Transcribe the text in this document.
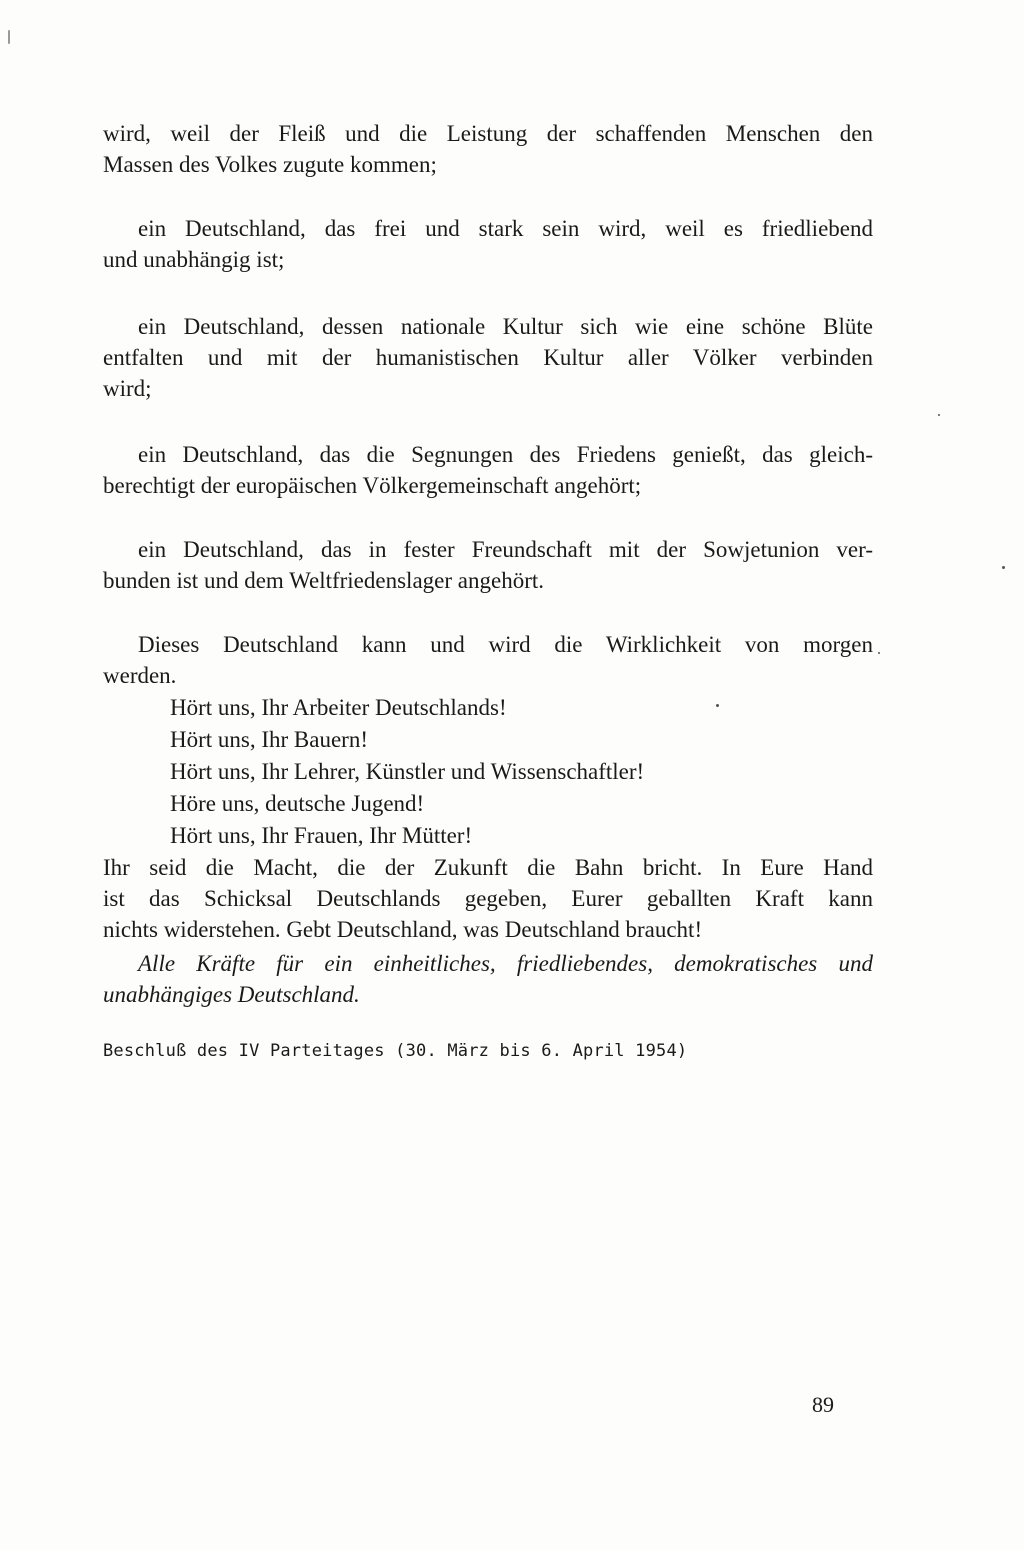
wird, weil der Fleiß und die Leistung der schaffenden Menschen den
Massen des Volkes zugute kommen;
ein Deutschland, das frei und stark sein wird, weil es friedliebend
und unabhängig ist;
ein Deutschland, dessen nationale Kultur sich wie eine schöne Blüte
entfalten und mit der humanistischen Kultur aller Völker verbinden
wird;
ein Deutschland, das die Segnungen des Friedens genießt, das gleich-
berechtigt der europäischen Völkergemeinschaft angehört;
ein Deutschland, das in fester Freundschaft mit der Sowjetunion ver-
bunden ist und dem Weltfriedenslager angehört.
Dieses Deutschland kann und wird die Wirklichkeit von morgen
werden.
Hört uns, Ihr Arbeiter Deutschlands!
Hört uns, Ihr Bauern!
Hört uns, Ihr Lehrer, Künstler und Wissenschaftler!
Höre uns, deutsche Jugend!
Hört uns, Ihr Frauen, Ihr Mütter!
Ihr seid die Macht, die der Zukunft die Bahn bricht. In Eure Hand
ist das Schicksal Deutschlands gegeben, Eurer geballten Kraft kann
nichts widerstehen. Gebt Deutschland, was Deutschland braucht!
Alle Kräfte für ein einheitliches, friedliebendes, demokratisches und
unabhängiges Deutschland.
Beschluß des IV Parteitages (30. März bis 6. April 1954)
89
